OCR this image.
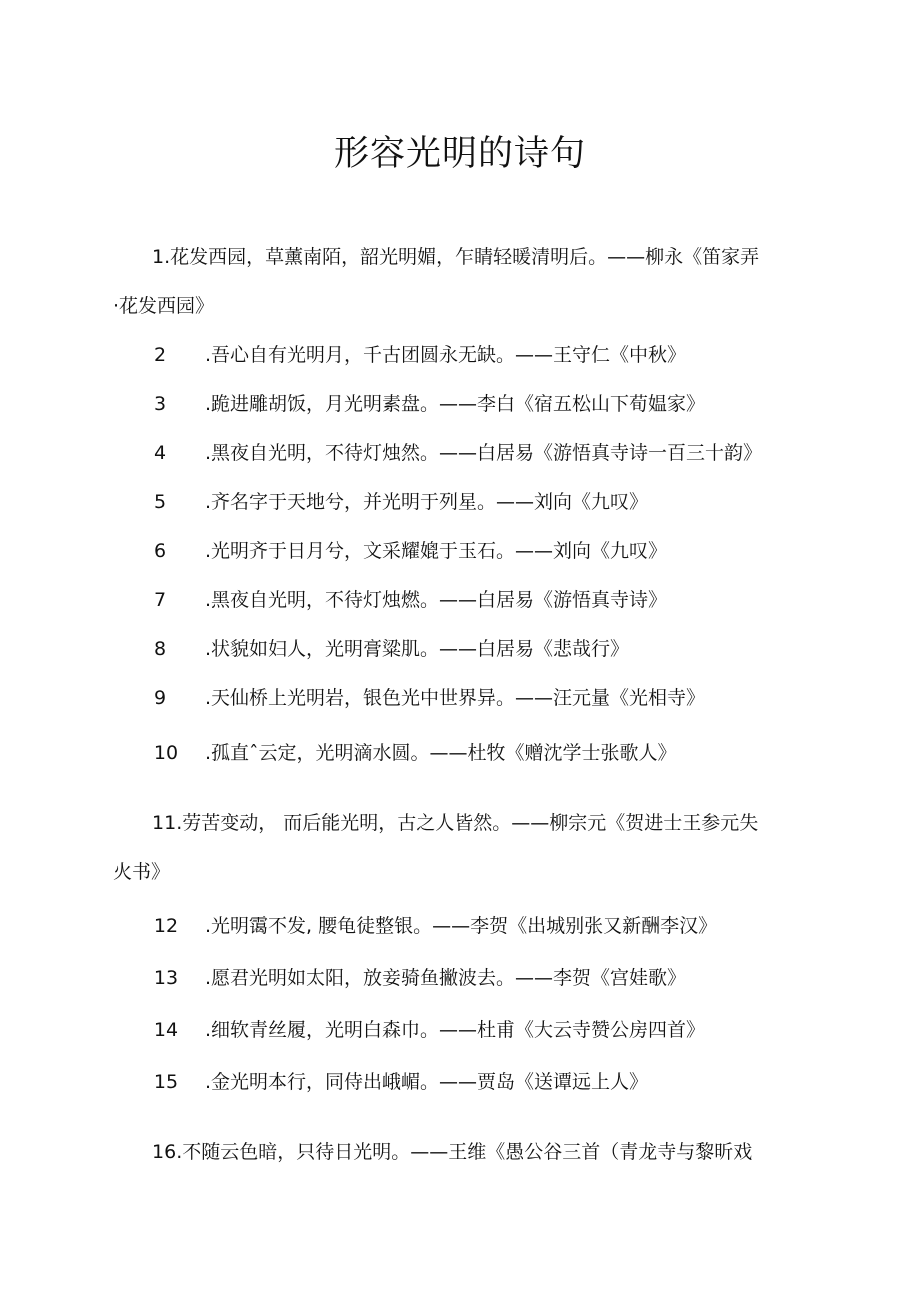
形容光明的诗句
1.花发西园，草薰南陌，韶光明媚，乍睛轻暖清明后。——柳永《笛家弄
·花发西园》
2	.吾心自有光明月，千古团圆永无缺。——王守仁《中秋》
3	.跪进雕胡饭，月光明素盘。——李白《宿五松山下荀媪家》
4	.黑夜自光明，不待灯烛然。——白居易《游悟真寺诗一百三十韵》
5	.齐名字于天地兮，并光明于列星。——刘向《九叹》
6	.光明齐于日月兮，文采耀媲于玉石。——刘向《九叹》
7	.黑夜自光明，不待灯烛燃。——白居易《游悟真寺诗》
8	.状貌如妇人，光明膏粱肌。——白居易《悲哉行》
9	.天仙桥上光明岩，银色光中世界异。——汪元量《光相寺》
10	.孤直ˆ云定，光明滴水圆。——杜牧《赠沈学士张歌人》
11.劳苦变动， 而后能光明，古之人皆然。——柳宗元《贺进士王参元失
火书》
12	.光明霭不发, 腰龟徒整银。——李贺《出城别张又新酬李汉》
13	.愿君光明如太阳，放妾骑鱼撇波去。——李贺《宫娃歌》
14	.细软青丝履，光明白森巾。——杜甫《大云寺赞公房四首》
15	.金光明本行，同侍出峨嵋。——贾岛《送谭远上人》
16.不随云色暗，只待日光明。——王维《愚公谷三首（青龙寺与黎昕戏
